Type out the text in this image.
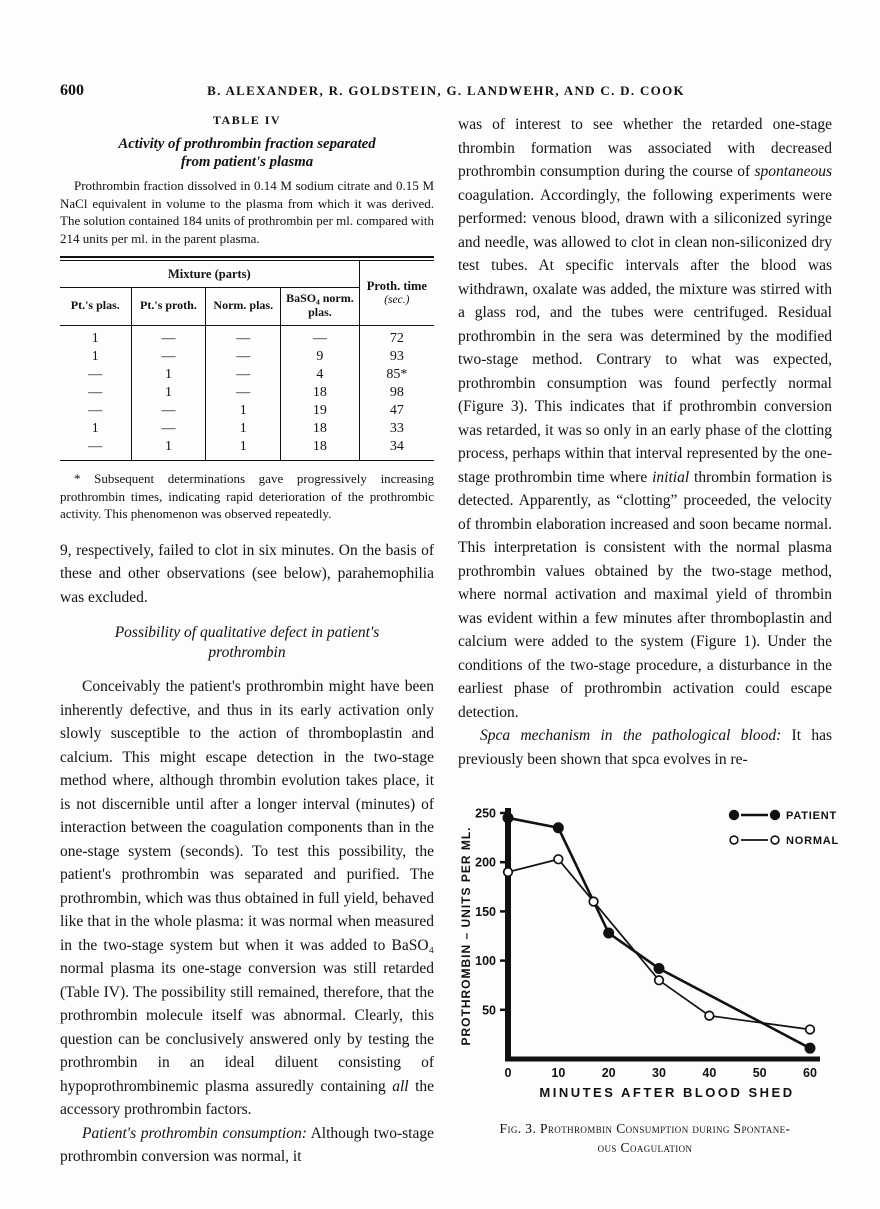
600	B. ALEXANDER, R. GOLDSTEIN, G. LANDWEHR, AND C. D. COOK
TABLE IV
Activity of prothrombin fraction separated
from patient's plasma
Prothrombin fraction dissolved in 0.14 M sodium citrate and 0.15 M NaCl equivalent in volume to the plasma from which it was derived. The solution contained 184 units of prothrombin per ml. compared with 214 units per ml. in the parent plasma.
Mixture (parts)				Proth. time
(sec.)

Pt.'s plas.	Pt.'s proth.	Norm. plas.	BaSO₄ norm. plas.	
1	—	—	—	72
1	—	—	9	93
—	1	—	4	85*
—	1	—	18	98
—	—	1	19	47
1	—	1	18	33
—	1	1	18	34
* Subsequent determinations gave progressively increasing prothrombin times, indicating rapid deterioration of the prothrombic activity. This phenomenon was observed repeatedly.

9, respectively, failed to clot in six minutes. On the basis of these and other observations (see below), parahemophilia was excluded.

Possibility of qualitative defect in patient's
prothrombin

Conceivably the patient's prothrombin might have been inherently defective, and thus in its early activation only slowly susceptible to the action of thromboplastin and calcium. This might escape detection in the two-stage method where, although thrombin evolution takes place, it is not discernible until after a longer interval (minutes) of interaction between the coagulation components than in the one-stage system (seconds). To test this possibility, the patient's prothrombin was separated and purified. The prothrombin, which was thus obtained in full yield, behaved like that in the whole plasma: it was normal when measured in the two-stage system but when it was added to BaSO₄ normal plasma its one-stage conversion was still retarded (Table IV). The possibility still remained, therefore, that the prothrombin molecule itself was abnormal. Clearly, this question can be conclusively answered only by testing the prothrombin in an ideal diluent consisting of hypoprothrombinemic plasma assuredly containing all the accessory prothrombin factors.

Patient's prothrombin consumption: Although two-stage prothrombin conversion was normal, it

was of interest to see whether the retarded one-stage thrombin formation was associated with decreased prothrombin consumption during the course of spontaneous coagulation. Accordingly, the following experiments were performed: venous blood, drawn with a siliconized syringe and needle, was allowed to clot in clean non-siliconized dry test tubes. At specific intervals after the blood was withdrawn, oxalate was added, the mixture was stirred with a glass rod, and the tubes were centrifuged. Residual prothrombin in the sera was determined by the modified two-stage method. Contrary to what was expected, prothrombin consumption was found perfectly normal (Figure 3). This indicates that if prothrombin conversion was retarded, it was so only in an early phase of the clotting process, perhaps within that interval represented by the one-stage prothrombin time where initial thrombin formation is detected. Apparently, as “clotting” proceeded, the velocity of thrombin elaboration increased and soon became normal. This interpretation is consistent with the normal plasma prothrombin values obtained by the two-stage method, where normal activation and maximal yield of thrombin was evident within a few minutes after thromboplastin and calcium were added to the system (Figure 1). Under the conditions of the two-stage procedure, a disturbance in the earliest phase of prothrombin activation could escape detection.

Spca mechanism in the pathological blood: It has previously been shown that spca evolves in re-

50
100
150
200
250
0	10	20	30	40	50	60
MINUTES AFTER BLOOD SHED
PROTHROMBIN – UNITS PER ML.
PATIENT
NORMAL
Fig. 3. Prothrombin Consumption during Spontane-
ous Coagulation
